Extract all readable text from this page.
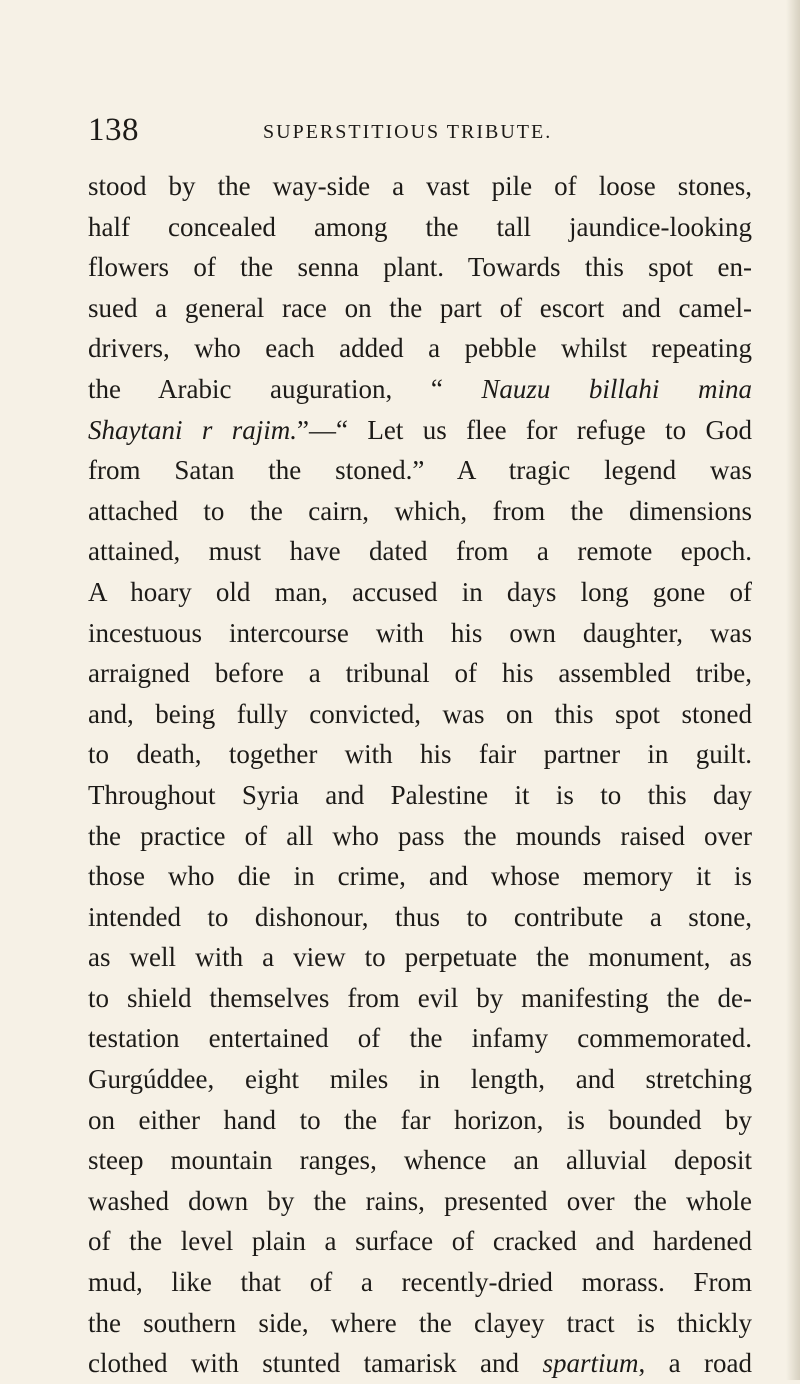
138	SUPERSTITIOUS TRIBUTE.
stood by the way-side a vast pile of loose stones,
half concealed among the tall jaundice-looking
flowers of the senna plant. Towards this spot en-
sued a general race on the part of escort and camel-
drivers, who each added a pebble whilst repeating
the Arabic auguration, “ Nauzu billahi mina
Shaytani r rajim.”—“ Let us flee for refuge to God
from Satan the stoned.” A tragic legend was
attached to the cairn, which, from the dimensions
attained, must have dated from a remote epoch.
A hoary old man, accused in days long gone of
incestuous intercourse with his own daughter, was
arraigned before a tribunal of his assembled tribe,
and, being fully convicted, was on this spot stoned
to death, together with his fair partner in guilt.
Throughout Syria and Palestine it is to this day
the practice of all who pass the mounds raised over
those who die in crime, and whose memory it is
intended to dishonour, thus to contribute a stone,
as well with a view to perpetuate the monument, as
to shield themselves from evil by manifesting the de-
testation entertained of the infamy commemorated.
Gurgúddee, eight miles in length, and stretching
on either hand to the far horizon, is bounded by
steep mountain ranges, whence an alluvial deposit
washed down by the rains, presented over the whole
of the level plain a surface of cracked and hardened
mud, like that of a recently-dried morass. From
the southern side, where the clayey tract is thickly
clothed with stunted tamarisk and spartium, a road
